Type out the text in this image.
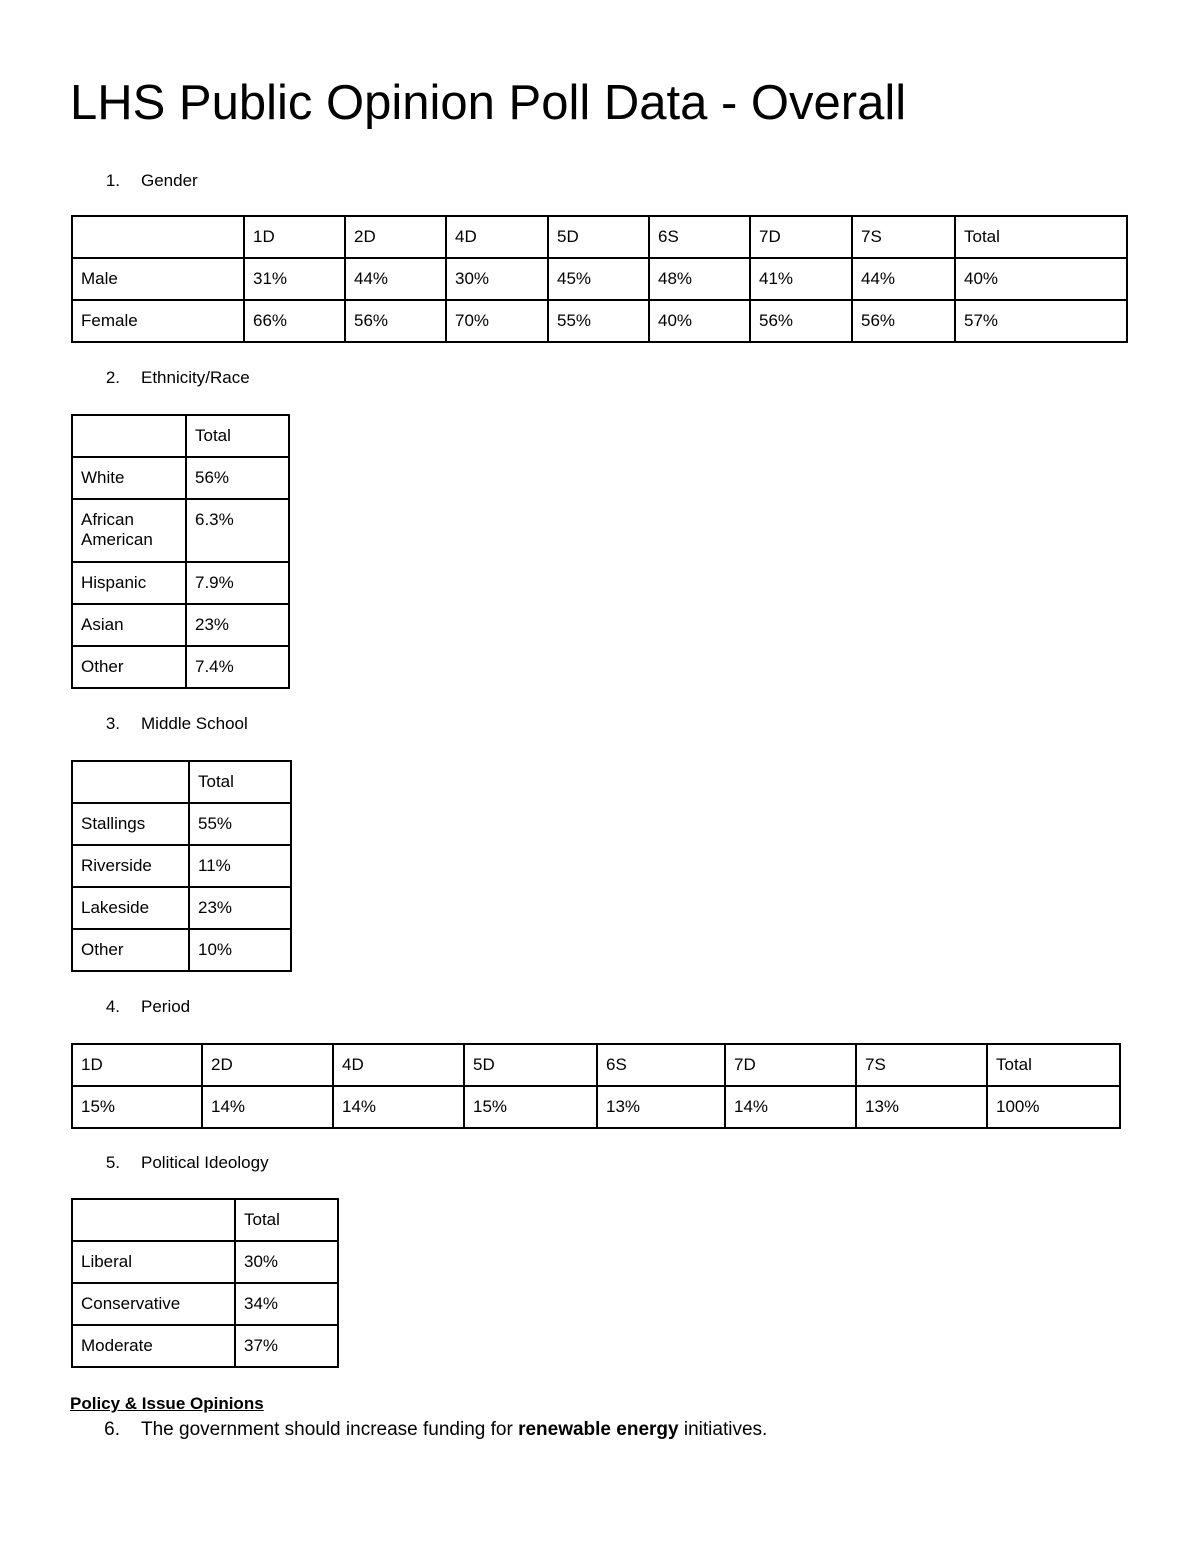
LHS Public Opinion Poll Data - Overall
1. Gender
	1D	2D	4D	5D	6S	7D	7S	Total
Male	31%	44%	30%	45%	48%	41%	44%	40%
Female	66%	56%	70%	55%	40%	56%	56%	57%
2. Ethnicity/Race
	Total
White	56%
African American	6.3%
Hispanic	7.9%
Asian	23%
Other	7.4%
3. Middle School
	Total
Stallings	55%
Riverside	11%
Lakeside	23%
Other	10%
4. Period
1D	2D	4D	5D	6S	7D	7S	Total
15%	14%	14%	15%	13%	14%	13%	100%
5. Political Ideology
	Total
Liberal	30%
Conservative	34%
Moderate	37%
Policy & Issue Opinions
6. The government should increase funding for renewable energy initiatives.
